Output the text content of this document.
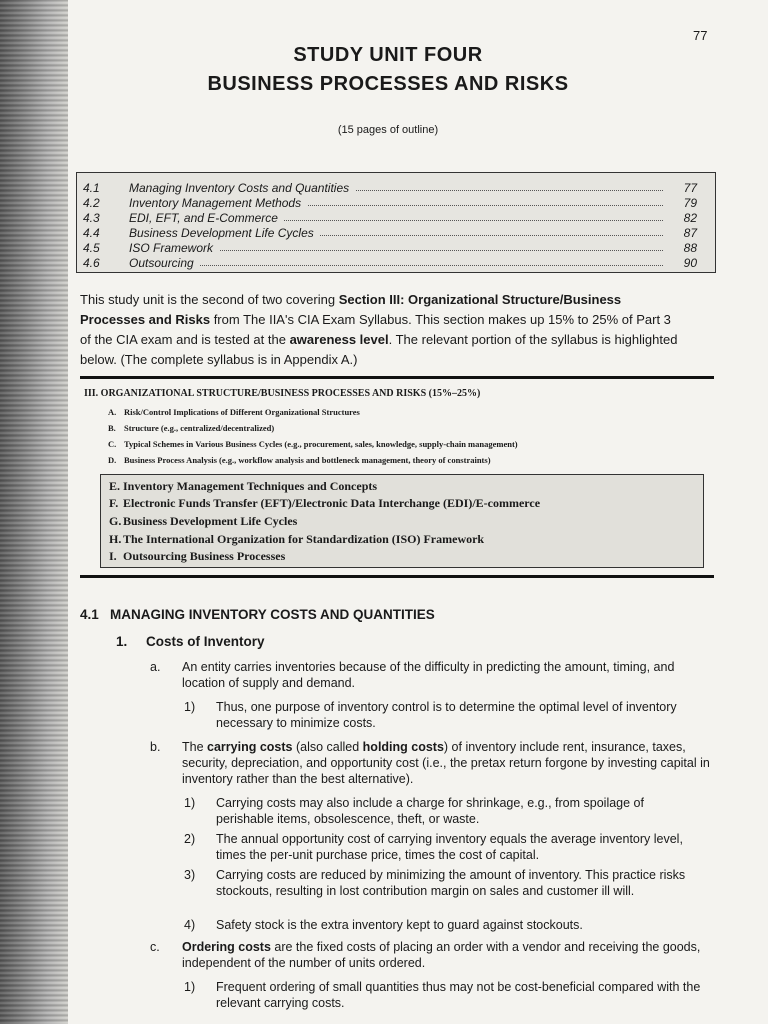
77
STUDY UNIT FOUR
BUSINESS PROCESSES AND RISKS
(15 pages of outline)
4.1 Managing Inventory Costs and Quantities	77
4.2 Inventory Management Methods	79
4.3 EDI, EFT, and E-Commerce	82
4.4 Business Development Life Cycles	87
4.5 ISO Framework	88
4.6 Outsourcing	90
This study unit is the second of two covering Section III: Organizational Structure/Business Processes and Risks from The IIA's CIA Exam Syllabus. This section makes up 15% to 25% of Part 3 of the CIA exam and is tested at the awareness level. The relevant portion of the syllabus is highlighted below. (The complete syllabus is in Appendix A.)
III. ORGANIZATIONAL STRUCTURE/BUSINESS PROCESSES AND RISKS (15%–25%)
A. Risk/Control Implications of Different Organizational Structures
B. Structure (e.g., centralized/decentralized)
C. Typical Schemes in Various Business Cycles (e.g., procurement, sales, knowledge, supply-chain management)
D. Business Process Analysis (e.g., workflow analysis and bottleneck management, theory of constraints)
E. Inventory Management Techniques and Concepts
F. Electronic Funds Transfer (EFT)/Electronic Data Interchange (EDI)/E-commerce
G. Business Development Life Cycles
H. The International Organization for Standardization (ISO) Framework
I. Outsourcing Business Processes
4.1 MANAGING INVENTORY COSTS AND QUANTITIES
1. Costs of Inventory
a. An entity carries inventories because of the difficulty in predicting the amount, timing, and location of supply and demand.
1) Thus, one purpose of inventory control is to determine the optimal level of inventory necessary to minimize costs.
b. The carrying costs (also called holding costs) of inventory include rent, insurance, taxes, security, depreciation, and opportunity cost (i.e., the pretax return forgone by investing capital in inventory rather than the best alternative).
1) Carrying costs may also include a charge for shrinkage, e.g., from spoilage of perishable items, obsolescence, theft, or waste.
2) The annual opportunity cost of carrying inventory equals the average inventory level, times the per-unit purchase price, times the cost of capital.
3) Carrying costs are reduced by minimizing the amount of inventory. This practice risks stockouts, resulting in lost contribution margin on sales and customer ill will.
4) Safety stock is the extra inventory kept to guard against stockouts.
c. Ordering costs are the fixed costs of placing an order with a vendor and receiving the goods, independent of the number of units ordered.
1) Frequent ordering of small quantities thus may not be cost-beneficial compared with the relevant carrying costs.
